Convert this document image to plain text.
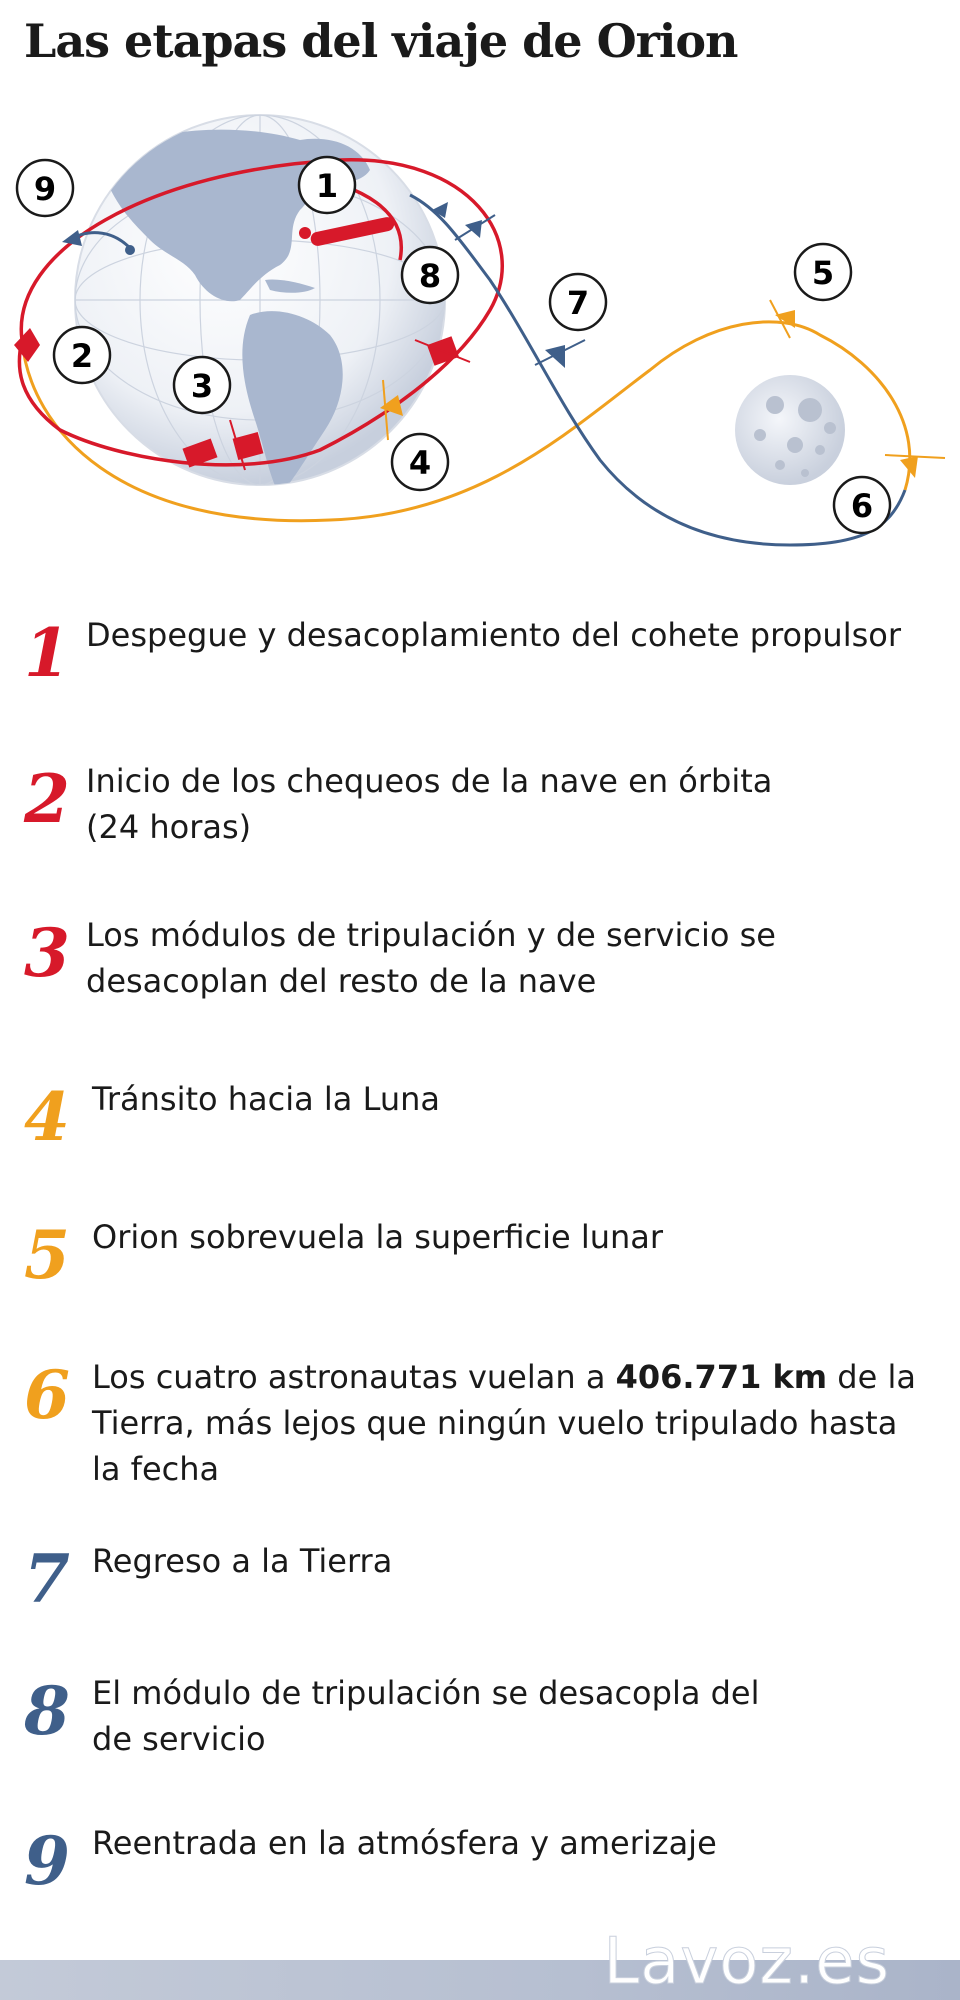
Las etapas del viaje de Orion
1
2
3
4
5
6
7
8
9
1 Despegue y desacoplamiento del cohete propulsor
2 Inicio de los chequeos de la nave en órbita
(24 horas)
3 Los módulos de tripulación y de servicio se
desacoplan del resto de la nave
4 Tránsito hacia la Luna
5 Orion sobrevuela la superficie lunar
6 Los cuatro astronautas vuelan a 406.771 km de la
Tierra, más lejos que ningún vuelo tripulado hasta
la fecha
7 Regreso a la Tierra
8 El módulo de tripulación se desacopla del
de servicio
9 Reentrada en la atmósfera y amerizaje
Lavoz.es
